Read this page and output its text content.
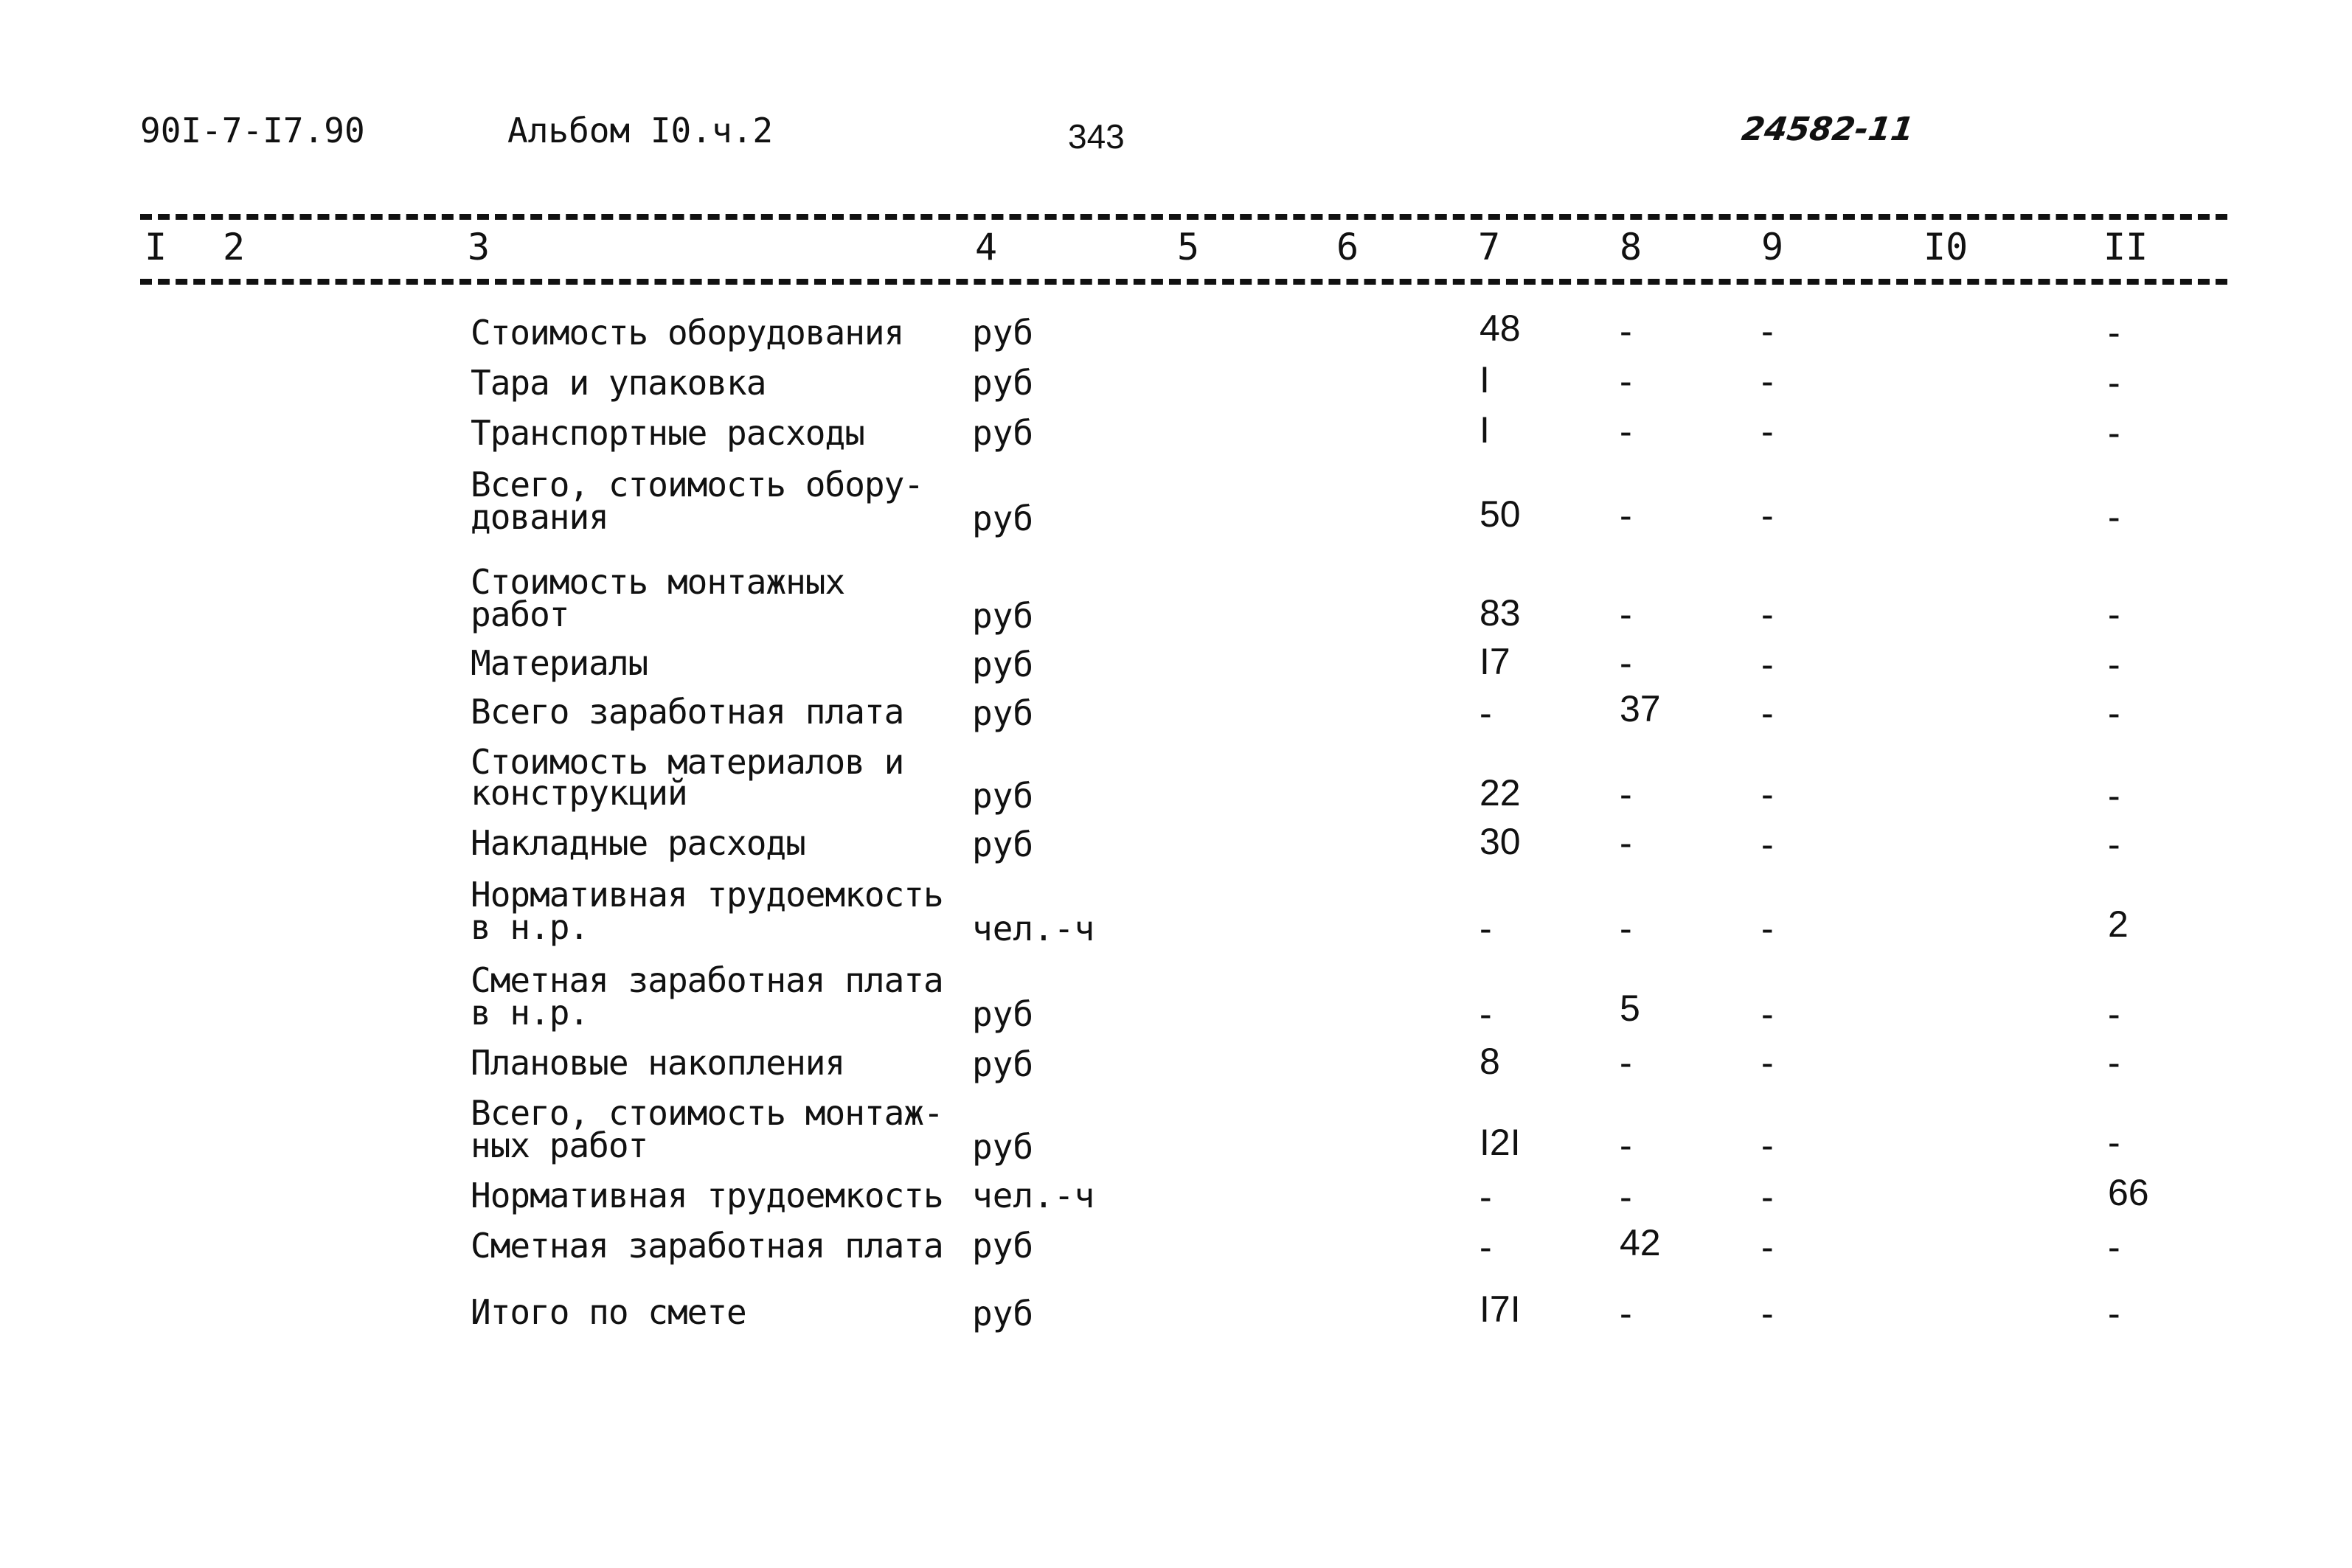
90I-7-I7.90	Альбом I0.ч.2	343	24582-11
I 2	3	4	5	6	7	8	9	I0	II
Стоимость оборудования руб	48	-	-	-
Тара и упаковка	руб	I	-	-	-
Транспортные расходы	руб	I	-	-	-
Всего, стоимость обору-
дования	руб	50	-	-	-
Стоимость монтажных
работ	руб	83	-	-	-
Материалы	руб	I7	-	-	-
Всего заработная плата руб	-	37	-	-
Стоимость материалов и
конструкций	руб	22	-	-	-
Накладные расходы	руб	30	-	-	-
Нормативная трудоемкость
в н.р.	чел.-ч	-	-	-	2
Сметная заработная плата
в н.р.	руб	-	5	-	-
Плановые накопления	руб	8	-	-	-
Всего, стоимость монтаж-
ных работ	руб	I2I	-	-	-
Нормативная трудоемкость чел.-ч	-	-	-	66
Сметная заработная плата руб	-	42	-	-
Итого по смете	руб	I7I	-	-	-
